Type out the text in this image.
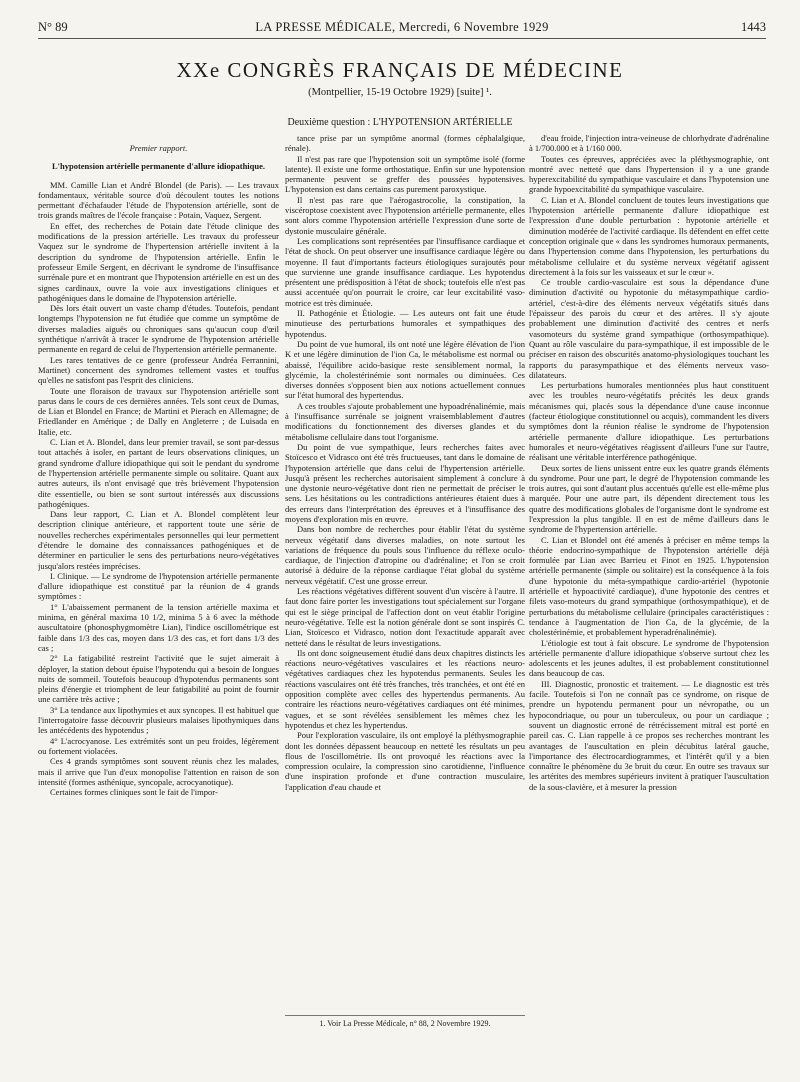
N° 89	LA PRESSE MÉDICALE, Mercredi, 6 Novembre 1929	1443
XXe CONGRÈS FRANÇAIS DE MÉDECINE
(Montpellier, 15-19 Octobre 1929) [suite] ¹.
Deuxième question : L'HYPOTENSION ARTÉRIELLE
Premier rapport.
L'hypotension artérielle permanente d'allure idiopathique.

MM. Camille Lian et André Blondel (de Paris). — Les travaux fondamentaux, véritable source d'où découlent toutes les notions permettant d'échafauder l'étude de l'hypotension artérielle, sont de trois grands maîtres de l'école française : Potain, Vaquez, Sergent.

En effet, des recherches de Potain date l'étude clinique des modifications de la pression artérielle. Les travaux du professeur Vaquez sur le syndrome de l'hypertension artérielle invitent à la description du syndrome de l'hypotension artérielle. Enfin le professeur Emile Sergent, en décrivant le syndrome de l'insuffisance surrénale pure et en montrant que l'hypotension artérielle en est un des signes cardinaux, ouvre la voie aux investigations cliniques et pathogéniques dans le domaine de l'hypotension artérielle.

Dès lors était ouvert un vaste champ d'études. Toutefois, pendant longtemps l'hypotension ne fut étudiée que comme un symptôme de diverses maladies aiguës ou chroniques sans qu'aucun coup d'œil synthétique n'arrivât à tracer le syndrome de l'hypotension artérielle permanente en regard de celui de l'hypertension artérielle permanente.

Les rares tentatives de ce genre (professeur Andréa Ferrannini, Martinet) concernent des syndromes tellement vastes et touffus qu'elles ne satisfont pas l'esprit des cliniciens.

Toute une floraison de travaux sur l'hypotension artérielle sont parus dans le cours de ces dernières années. Tels sont ceux de Dumas, de Lian et Blondel en France; de Martini et Pierach en Allemagne; de Friedlander en Amérique ; de Dally en Angleterre ; de Luisada en Italie, etc.

C. Lian et A. Blondel, dans leur premier travail, se sont par-dessus tout attachés à isoler, en partant de leurs observations cliniques, un grand syndrome d'allure idiopathique qui soit le pendant du syndrome de l'hypertension artérielle permanente simple ou solitaire. Quant aux autres auteurs, ils n'ont envisagé que très brièvement l'hypotension dite essentielle, ou bien se sont surtout intéressés aux discussions pathogéniques.

Dans leur rapport, C. Lian et A. Blondel complètent leur description clinique antérieure, et rapportent toute une série de nouvelles recherches expérimentales personnelles qui leur permettent d'étendre le domaine des connaissances pathogéniques et de déterminer en particulier le sens des perturbations neuro-végétatives jusqu'alors restées imprécises.

I. Clinique. — Le syndrome de l'hypotension artérielle permanente d'allure idiopathique est constitué par la réunion de 4 grands symptômes :

1° L'abaissement permanent de la tension artérielle maxima et minima, en général maxima 10 1/2, minima 5 à 6 avec la méthode auscultatoire (phonosphygmomètre Lian), l'indice oscillométrique est faible dans 1/3 des cas, moyen dans 1/3 des cas, et fort dans 1/3 des cas ;

2° La fatigabilité restreint l'activité que le sujet aimerait à déployer, la station debout épuise l'hypotendu qui a besoin de longues nuits de sommeil. Toutefois beaucoup d'hypotendus permanents sont pleins d'énergie et triomphent de leur fatigabilité au point de fournir une carrière très active ;

3° La tendance aux lipothymies et aux syncopes. Il est habituel que l'interrogatoire fasse découvrir plusieurs malaises lipothymiques dans les antécédents des hypotendus ;

4° L'acrocyanose. Les extrémités sont un peu froides, légèrement ou fortement violacées.

Ces 4 grands symptômes sont souvent réunis chez les malades, mais il arrive que l'un d'eux monopolise l'attention en raison de son intensité (formes asthénique, syncopale, acrocyanotique).

Certaines formes cliniques sont le fait de l'impor-

tance prise par un symptôme anormal (formes céphalalgique, rénale).

Il n'est pas rare que l'hypotension soit un symptôme isolé (forme latente). Il existe une forme orthostatique. Enfin sur une hypotension permanente peuvent se greffer des poussées hypotensives. L'hypotension est dans certains cas purement paroxystique.

Il n'est pas rare que l'aérogastrocolie, la constipation, la viscéroptose coexistent avec l'hypotension artérielle permanente, elles sont alors comme l'hypotension artérielle l'expression d'une sorte de dystonie musculaire générale.

Les complications sont représentées par l'insuffisance cardiaque et l'état de shock. On peut observer une insuffisance cardiaque légère ou moyenne. Il faut d'importants facteurs étiologiques surajoutés pour que survienne une grande insuffisance cardiaque. Les hypotendus présentent une prédisposition à l'état de shock; toutefois elle n'est pas aussi accentuée qu'on pourrait le croire, car leur excitabilité vaso-motrice est très diminuée.

II. Pathogénie et Étiologie. — Les auteurs ont fait une étude minutieuse des perturbations humorales et sympathiques des hypotendus.

Du point de vue humoral, ils ont noté une légère élévation de l'ion K et une légère diminution de l'ion Ca, le métabolisme est normal ou abaissé, l'équilibre acido-basique reste sensiblement normal, la glycémie, la cholestérinémie sont normales ou diminuées. Ces diverses données s'opposent bien aux notions actuellement connues sur l'état humoral des hypertendus.

A ces troubles s'ajoute probablement une hypoadrénalinémie, mais à l'insuffisance surrénale se joignent vraisemblablement d'autres modifications du fonctionnement des diverses glandes et du métabolisme cellulaire dans tout l'organisme.

Du point de vue sympathique, leurs recherches faites avec Stoïcesco et Vidrasco ont été très fructueuses, tant dans le domaine de l'hypotension artérielle que dans celui de l'hypertension artérielle. Jusqu'à présent les recherches autorisaient simplement à conclure à une dystonie neuro-végétative dont rien ne permettait de préciser le sens. Les hésitations ou les contradictions antérieures étaient dues à des erreurs dans l'interprétation des épreuves et à l'insuffisance des moyens d'exploration mis en œuvre.

Dans bon nombre de recherches pour établir l'état du système nerveux végétatif dans diverses maladies, on note surtout les variations de fréquence du pouls sous l'influence du réflexe oculo-cardiaque, de l'injection d'atropine ou d'adrénaline; et l'on se croit autorisé à déduire de la réponse cardiaque l'état global du système nerveux végétatif. C'est une grosse erreur.

Les réactions végétatives diffèrent souvent d'un viscère à l'autre. Il faut donc faire porter les investigations tout spécialement sur l'organe qui est le siège principal de l'affection dont on veut établir l'origine neuro-végétative. Telle est la notion générale dont se sont inspirés C. Lian, Stoïcesco et Vidrasco, notion dont l'exactitude apparaît avec netteté dans le résultat de leurs investigations.

Ils ont donc soigneusement étudié dans deux chapitres distincts les réactions neuro-végétatives vasculaires et les réactions neuro-végétatives cardiaques chez les hypotendus permanents. Seules les réactions vasculaires ont été très franches, très tranchées, et ont été en opposition complète avec celles des hypertendus permanents. Au contraire les réactions neuro-végétatives cardiaques ont été minimes, vagues, et se sont révélées sensiblement les mêmes chez les hypotendus et chez les hypertendus.

Pour l'exploration vasculaire, ils ont employé la pléthysmographie dont les données dépassent beaucoup en netteté les résultats un peu flous de l'oscillométrie. Ils ont provoqué les réactions avec la compression oculaire, la compression sino carotidienne, l'influence d'une inspiration profonde et d'une contraction musculaire, l'application d'eau chaude et

d'eau froide, l'injection intra-veineuse de chlorhydrate d'adrénaline à 1/700.000 et à 1/160 000.

Toutes ces épreuves, appréciées avec la pléthysmographie, ont montré avec netteté que dans l'hypertension il y a une grande hyperexcitabilité du sympathique vasculaire et dans l'hypotension une grande hypoexcitabilité du sympathique vasculaire.

C. Lian et A. Blondel concluent de toutes leurs investigations que l'hypotension artérielle permanente d'allure idiopathique est l'expression d'une double perturbation : hypotonie artérielle et diminution modérée de l'activité cardiaque. Ils défendent en effet cette conception originale que « dans les syndromes humoraux permanents, dans l'hypertension comme dans l'hypotension, les perturbations du métabolisme cellulaire et du système nerveux végétatif agissent directement à la fois sur les vaisseaux et sur le cœur ».

Ce trouble cardio-vasculaire est sous la dépendance d'une diminution d'activité ou hypotonie du métasympathique cardio-artériel, c'est-à-dire des éléments nerveux végétatifs situés dans l'épaisseur des parois du cœur et des artères. Il s'y ajoute probablement une diminution d'activité des centres et nerfs vasomoteurs du système grand sympathique (orthosympathique). Quant au rôle vasculaire du para-sympathique, il est impossible de le préciser en raison des obscurités anatomo-physiologiques touchant les rapports du parasympathique et des éléments nerveux vaso-dilatateurs.

Les perturbations humorales mentionnées plus haut constituent avec les troubles neuro-végétatifs précités les deux grands mécanismes qui, placés sous la dépendance d'une cause inconnue (facteur étiologique constitutionnel ou acquis), commandent les divers symptômes dont la réunion réalise le syndrome de l'hypotension artérielle permanente d'allure idiopathique. Les perturbations humorales et neuro-végétatives réagissent d'ailleurs l'une sur l'autre, réalisant une véritable interférence pathogénique.

Deux sortes de liens unissent entre eux les quatre grands éléments du syndrome. Pour une part, le degré de l'hypotension commande les trois autres, qui sont d'autant plus accentués qu'elle est elle-même plus marquée. Pour une autre part, ils dépendent directement tous les quatre des modifications globales de l'organisme dont le syndrome est l'expression la plus tangible. Il en est de même d'ailleurs dans le syndrome de l'hypertension artérielle.

C. Lian et Blondel ont été amenés à préciser en même temps la théorie endocrino-sympathique de l'hypotension artérielle déjà formulée par Lian avec Barrieu et Finot en 1925. L'hypotension artérielle permanente (simple ou solitaire) est la conséquence à la fois d'une hypotonie du méta-sympathique cardio-artériel (hypotonie artérielle et hypoactivité cardiaque), d'une hypotonie des centres et filets vaso-moteurs du grand sympathique (orthosympathique), et de perturbations du métabolisme cellulaire (principales caractéristiques : tendance à l'augmentation de l'ion Ca, de la glycémie, de la cholestérinémie, et probablement hyperadrénalinémie).

L'étiologie est tout à fait obscure. Le syndrome de l'hypotension artérielle permanente d'allure idiopathique s'observe surtout chez les adolescents et les jeunes adultes, il est probablement constitutionnel dans beaucoup de cas.

III. Diagnostic, pronostic et traitement. — Le diagnostic est très facile. Toutefois si l'on ne connaît pas ce syndrome, on risque de prendre un hypotendu permanent pour un névropathe, ou un hypocondriaque, ou pour un tuberculeux, ou pour un cardiaque ; souvent un diagnostic erroné de rétrécissement mitral est porté en pareil cas. C. Lian rappelle à ce propos ses recherches montrant les avantages de l'auscultation en plein décubitus latéral gauche, l'importance des électrocardiogrammes, et l'intérêt qu'il y a bien connaître le phénomène du 3e bruit du cœur. En outre ses travaux sur les artérites des membres supérieurs invitent à pratiquer l'auscultation de la sous-clavière, et à mesurer la pression

1. Voir La Presse Médicale, n° 88, 2 Novembre 1929.
